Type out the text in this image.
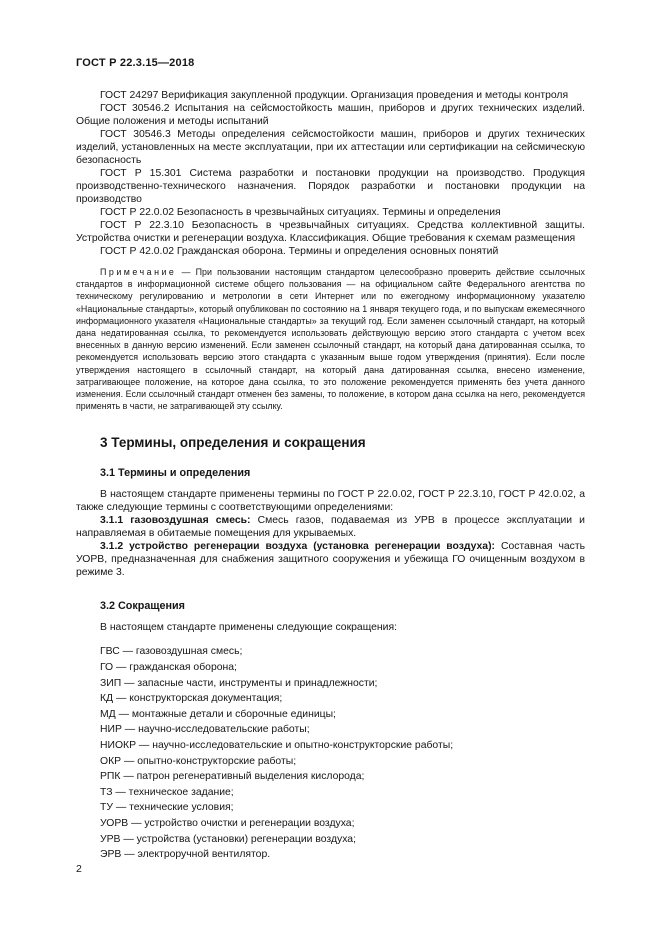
ГОСТ Р 22.3.15—2018

ГОСТ 24297 Верификация закупленной продукции. Организация проведения и методы контроля

ГОСТ 30546.2 Испытания на сейсмостойкость машин, приборов и других технических изделий. Общие положения и методы испытаний

ГОСТ 30546.3 Методы определения сейсмостойкости машин, приборов и других технических изделий, установленных на месте эксплуатации, при их аттестации или сертификации на сейсмическую безопасность

ГОСТ Р 15.301 Система разработки и постановки продукции на производство. Продукция производственно-технического назначения. Порядок разработки и постановки продукции на производство

ГОСТ Р 22.0.02 Безопасность в чрезвычайных ситуациях. Термины и определения

ГОСТ Р 22.3.10 Безопасность в чрезвычайных ситуациях. Средства коллективной защиты. Устройства очистки и регенерации воздуха. Классификация. Общие требования к схемам размещения

ГОСТ Р 42.0.02 Гражданская оборона. Термины и определения основных понятий

Примечание — При пользовании настоящим стандартом целесообразно проверить действие ссылочных стандартов в информационной системе общего пользования — на официальном сайте Федерального агентства по техническому регулированию и метрологии в сети Интернет или по ежегодному информационному указателю «Национальные стандарты», который опубликован по состоянию на 1 января текущего года, и по выпускам ежемесячного информационного указателя «Национальные стандарты» за текущий год. Если заменен ссылочный стандарт, на который дана недатированная ссылка, то рекомендуется использовать действующую версию этого стандарта с учетом всех внесенных в данную версию изменений. Если заменен ссылочный стандарт, на который дана датированная ссылка, то рекомендуется использовать версию этого стандарта с указанным выше годом утверждения (принятия). Если после утверждения настоящего в ссылочный стандарт, на который дана датированная ссылка, внесено изменение, затрагивающее положение, на которое дана ссылка, то это положение рекомендуется применять без учета данного изменения. Если ссылочный стандарт отменен без замены, то положение, в котором дана ссылка на него, рекомендуется применять в части, не затрагивающей эту ссылку.

3 Термины, определения и сокращения
3.1 Термины и определения

В настоящем стандарте применены термины по ГОСТ Р 22.0.02, ГОСТ Р 22.3.10, ГОСТ Р 42.0.02, а также следующие термины с соответствующими определениями:

3.1.1 газовоздушная смесь: Смесь газов, подаваемая из УРВ в процессе эксплуатации и направляемая в обитаемые помещения для укрываемых.

3.1.2 устройство регенерации воздуха (установка регенерации воздуха): Составная часть УОРВ, предназначенная для снабжения защитного сооружения и убежища ГО очищенным воздухом в режиме 3.

3.2 Сокращения

В настоящем стандарте применены следующие сокращения:

ГВС — газовоздушная смесь;

ГО — гражданская оборона;

ЗИП — запасные части, инструменты и принадлежности;

КД — конструкторская документация;

МД — монтажные детали и сборочные единицы;

НИР — научно-исследовательские работы;

НИОКР — научно-исследовательские и опытно-конструкторские работы;

ОКР — опытно-конструкторские работы;

РПК — патрон регенеративный выделения кислорода;

ТЗ — техническое задание;

ТУ — технические условия;

УОРВ — устройство очистки и регенерации воздуха;

УРВ — устройства (установки) регенерации воздуха;

ЭРВ — электроручной вентилятор.

2
